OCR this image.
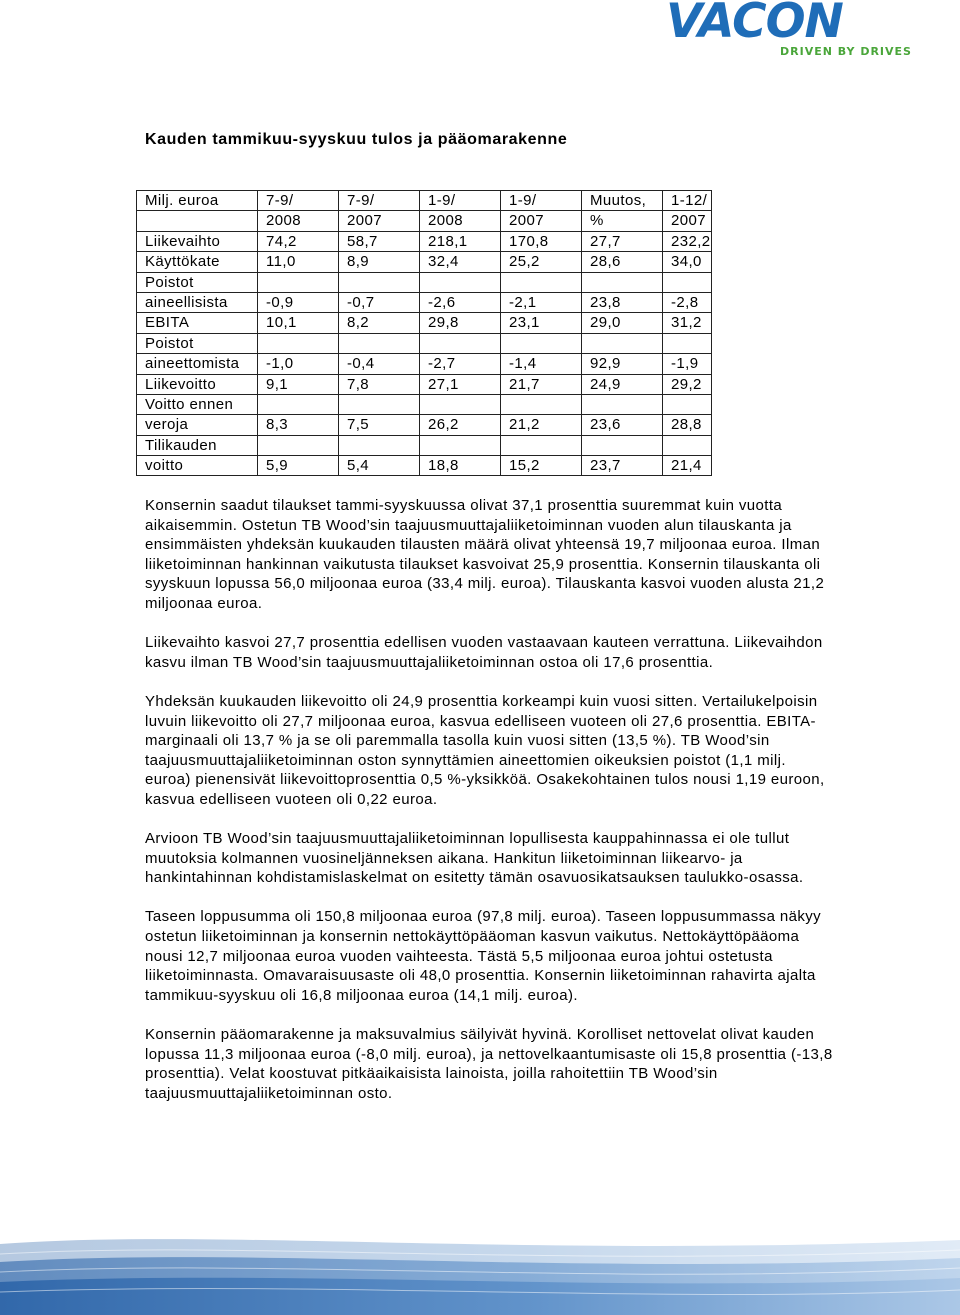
VACON
DRIVEN BY DRIVES
Kauden tammikuu-syyskuu tulos ja pääomarakenne
Milj. euroa	7-9/	7-9/	1-9/	1-9/	Muutos,	1-12/
	2008	2007	2008	2007	%	2007
Liikevaihto	74,2	58,7	218,1	170,8	27,7	232,2
Käyttökate	11,0	8,9	32,4	25,2	28,6	34,0
Poistot						
aineellisista	-0,9	-0,7	-2,6	-2,1	23,8	-2,8
EBITA	10,1	8,2	29,8	23,1	29,0	31,2
Poistot						
aineettomista	-1,0	-0,4	-2,7	-1,4	92,9	-1,9
Liikevoitto	9,1	7,8	27,1	21,7	24,9	29,2
Voitto ennen						
veroja	8,3	7,5	26,2	21,2	23,6	28,8
Tilikauden						
voitto	5,9	5,4	18,8	15,2	23,7	21,4

Konsernin saadut tilaukset tammi-syyskuussa olivat 37,1 prosenttia suuremmat kuin vuotta aikaisemmin. Ostetun TB Wood’sin taajuusmuuttajaliiketoiminnan vuoden alun tilauskanta ja ensimmäisten yhdeksän kuukauden tilausten määrä olivat yhteensä 19,7 miljoonaa euroa. Ilman liiketoiminnan hankinnan vaikutusta tilaukset kasvoivat 25,9 prosenttia. Konsernin tilauskanta oli syyskuun lopussa 56,0 miljoonaa euroa (33,4 milj. euroa). Tilauskanta kasvoi vuoden alusta 21,2 miljoonaa euroa.

Liikevaihto kasvoi 27,7 prosenttia edellisen vuoden vastaavaan kauteen verrattuna. Liikevaihdon kasvu ilman TB Wood’sin taajuusmuuttajaliiketoiminnan ostoa oli 17,6 prosenttia.

Yhdeksän kuukauden liikevoitto oli 24,9 prosenttia korkeampi kuin vuosi sitten. Vertailukelpoisin luvuin liikevoitto oli 27,7 miljoonaa euroa, kasvua edelliseen vuoteen oli 27,6 prosenttia. EBITA-marginaali oli 13,7 % ja se oli paremmalla tasolla kuin vuosi sitten (13,5 %). TB Wood’sin taajuusmuuttajaliiketoiminnan oston synnyttämien aineettomien oikeuksien poistot (1,1 milj. euroa) pienensivät liikevoittoprosenttia 0,5 %-yksikköä. Osakekohtainen tulos nousi 1,19 euroon, kasvua edelliseen vuoteen oli 0,22 euroa.

Arvioon TB Wood’sin taajuusmuuttajaliiketoiminnan lopullisesta kauppahinnassa ei ole tullut muutoksia kolmannen vuosineljänneksen aikana. Hankitun liiketoiminnan liikearvo- ja hankintahinnan kohdistamislaskelmat on esitetty tämän osavuosikatsauksen taulukko-osassa.

Taseen loppusumma oli 150,8 miljoonaa euroa (97,8 milj. euroa). Taseen loppusummassa näkyy ostetun liiketoiminnan ja konsernin nettokäyttöpääoman kasvun vaikutus. Nettokäyttöpääoma nousi 12,7 miljoonaa euroa vuoden vaihteesta. Tästä 5,5 miljoonaa euroa johtui ostetusta liiketoiminnasta. Omavaraisuusaste oli 48,0 prosenttia. Konsernin liiketoiminnan rahavirta ajalta tammikuu-syyskuu oli 16,8 miljoonaa euroa (14,1 milj. euroa).

Konsernin pääomarakenne ja maksuvalmius säilyivät hyvinä. Korolliset nettovelat olivat kauden lopussa 11,3 miljoonaa euroa (-8,0 milj. euroa), ja nettovelkaantumisaste oli 15,8 prosenttia (-13,8 prosenttia). Velat koostuvat pitkäaikaisista lainoista, joilla rahoitettiin TB Wood’sin taajuusmuuttajaliiketoiminnan osto.
